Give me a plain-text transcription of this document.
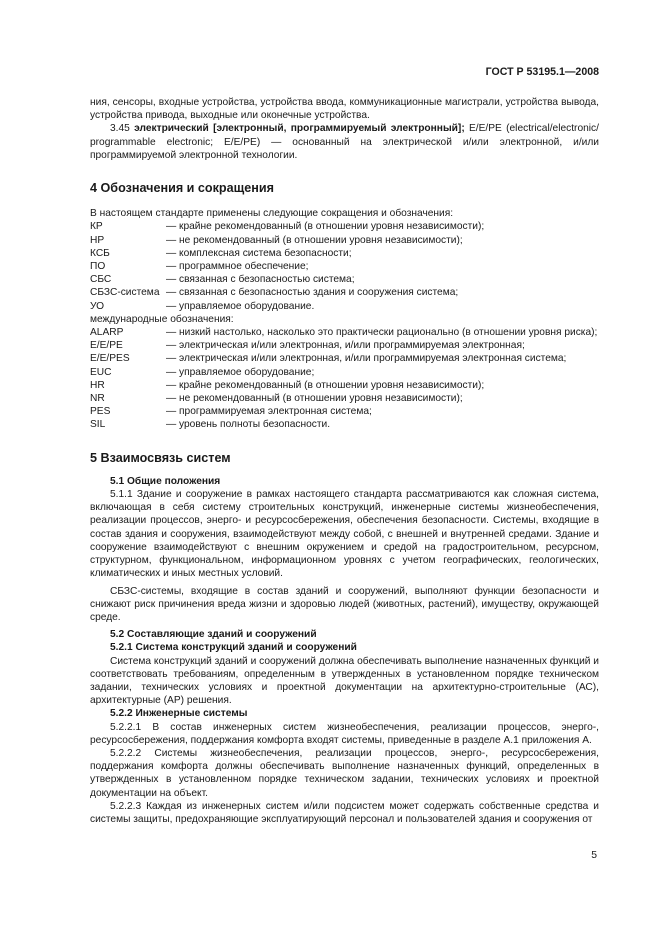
ГОСТ Р 53195.1—2008

ния, сенсоры, входные устройства, устройства ввода, коммуникационные магистрали, устройства вывода, устройства привода, выходные или оконечные устройства.

3.45 электрический [электронный, программируемый электронный]; E/E/PE (electrical/electronic/ programmable electronic; E/E/PE) — основанный на электрической и/или электронной, и/или программируемой электронной технологии.

4 Обозначения и сокращения

В настоящем стандарте применены следующие сокращения и обозначения:

КР	— крайне рекомендованный (в отношении уровня независимости);
HP	— не рекомендованный (в отношении уровня независимости);
КСБ	— комплексная система безопасности;
ПО	— программное обеспечение;
СБС	— связанная с безопасностью система;
СБЗС-система	— связанная с безопасностью здания и сооружения система;
УО	— управляемое оборудование.

международные обозначения:

ALARP	— низкий настолько, насколько это практически рационально (в отношении уровня риска);
E/E/PE	— электрическая и/или электронная, и/или программируемая электронная;
E/E/PES	— электрическая и/или электронная, и/или программируемая электронная система;
EUC	— управляемое оборудование;
HR	— крайне рекомендованный (в отношении уровня независимости);
NR	— не рекомендованный (в отношении уровня независимости);
PES	— программируемая электронная система;
SIL	— уровень полноты безопасности.
5 Взаимосвязь систем

5.1 Общие положения

5.1.1 Здание и сооружение в рамках настоящего стандарта рассматриваются как сложная система, включающая в себя систему строительных конструкций, инженерные системы жизнеобеспечения, реализации процессов, энерго- и ресурсосбережения, обеспечения безопасности. Системы, входящие в состав здания и сооружения, взаимодействуют между собой, с внешней и внутренней средами. Здание и сооружение взаимодействуют с внешним окружением и средой на градостроительном, ресурсном, структурном, функциональном, информационном уровнях с учетом географических, геологических, климатических и иных местных условий.

СБЗС-системы, входящие в состав зданий и сооружений, выполняют функции безопасности и снижают риск причинения вреда жизни и здоровью людей (животных, растений), имуществу, окружающей среде.

5.2 Составляющие зданий и сооружений

5.2.1 Система конструкций зданий и сооружений

Система конструкций зданий и сооружений должна обеспечивать выполнение назначенных функций и соответствовать требованиям, определенным в утвержденных в установленном порядке техническом задании, технических условиях и проектной документации на архитектурно-строительные (АС), архитектурные (АР) решения.

5.2.2 Инженерные системы

5.2.2.1 В состав инженерных систем жизнеобеспечения, реализации процессов, энерго-, ресурсосбережения, поддержания комфорта входят системы, приведенные в разделе А.1 приложения А.

5.2.2.2 Системы жизнеобеспечения, реализации процессов, энерго-, ресурсосбережения, поддержания комфорта должны обеспечивать выполнение назначенных функций, определенных в утвержденных в установленном порядке техническом задании, технических условиях и проектной документации на объект.

5.2.2.3 Каждая из инженерных систем и/или подсистем может содержать собственные средства и системы защиты, предохраняющие эксплуатирующий персонал и пользователей здания и сооружения от

5
